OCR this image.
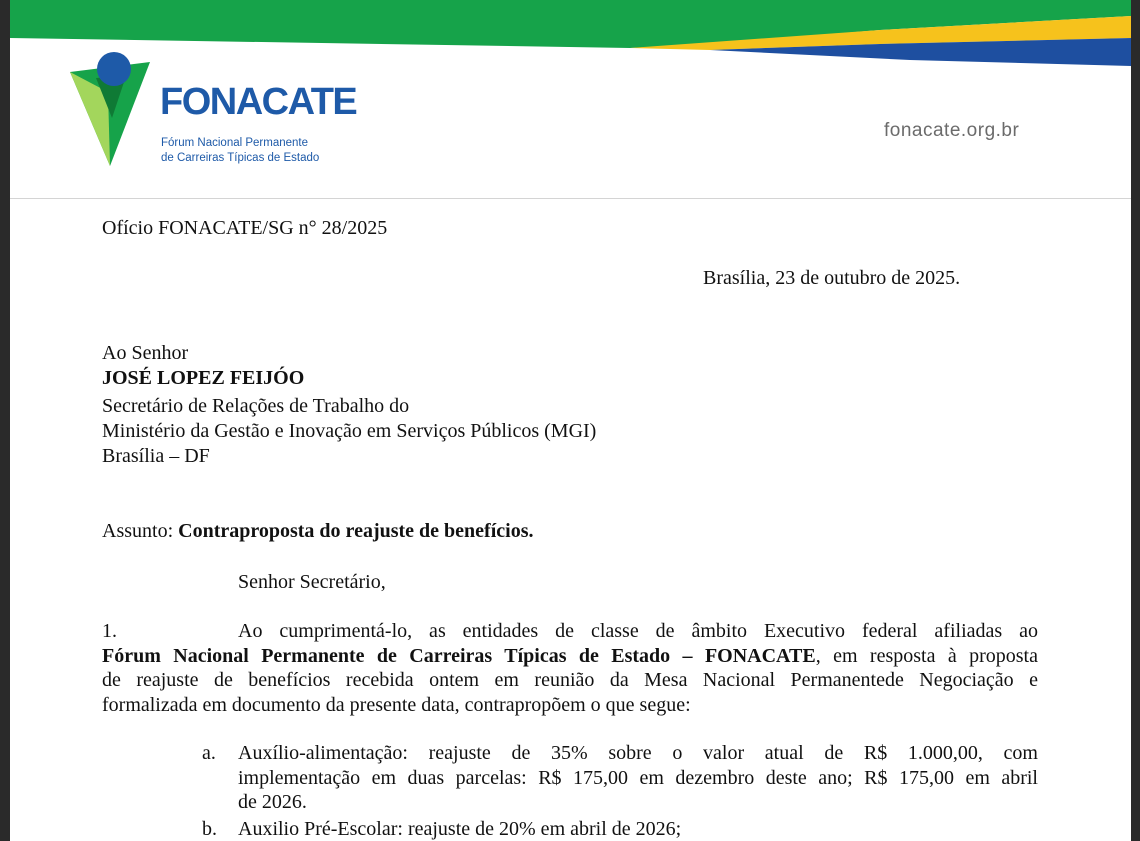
FONACATE
Fórum Nacional Permanente
de Carreiras Típicas de Estado
fonacate.org.br
Ofício FONACATE/SG n° 28/2025
Brasília, 23 de outubro de 2025.
Ao Senhor
JOSÉ LOPEZ FEIJÓO
Secretário de Relações de Trabalho do
Ministério da Gestão e Inovação em Serviços Públicos (MGI)
Brasília – DF
Assunto: Contraproposta do reajuste de benefícios.
Senhor Secretário,
1.	Ao cumprimentá-lo, as entidades de classe de âmbito Executivo federal afiliadas ao
Fórum Nacional Permanente de Carreiras Típicas de Estado – FONACATE, em resposta à proposta
de reajuste de benefícios recebida ontem em reunião da Mesa Nacional Permanentede Negociação e
formalizada em documento da presente data, contrapropõem o que segue:
a. Auxílio-alimentação: reajuste de 35% sobre o valor atual de R$ 1.000,00, com
implementação em duas parcelas: R$ 175,00 em dezembro deste ano; R$ 175,00 em abril
de 2026.
b. Auxilio Pré-Escolar: reajuste de 20% em abril de 2026;
